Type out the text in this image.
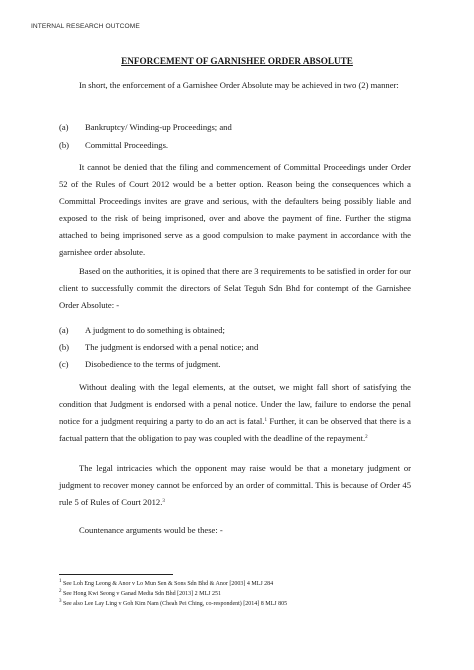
INTERNAL RESEARCH OUTCOME
ENFORCEMENT OF GARNISHEE ORDER ABSOLUTE
In short, the enforcement of a Garnishee Order Absolute may be achieved in two (2) manner:
(a) Bankruptcy/ Winding-up Proceedings; and
(b) Committal Proceedings.
It cannot be denied that the filing and commencement of Committal Proceedings under Order 52 of the Rules of Court 2012 would be a better option. Reason being the consequences which a Committal Proceedings invites are grave and serious, with the defaulters being possibly liable and exposed to the risk of being imprisoned, over and above the payment of fine. Further the stigma attached to being imprisoned serve as a good compulsion to make payment in accordance with the garnishee order absolute.
Based on the authorities, it is opined that there are 3 requirements to be satisfied in order for our client to successfully commit the directors of Selat Teguh Sdn Bhd for contempt of the Garnishee Order Absolute: -
(a) A judgment to do something is obtained;
(b) The judgment is endorsed with a penal notice; and
(c) Disobedience to the terms of judgment.
Without dealing with the legal elements, at the outset, we might fall short of satisfying the condition that Judgment is endorsed with a penal notice. Under the law, failure to endorse the penal notice for a judgment requiring a party to do an act is fatal.$^1$ Further, it can be observed that there is a factual pattern that the obligation to pay was coupled with the deadline of the repayment.$^2$
The legal intricacies which the opponent may raise would be that a monetary judgment or judgment to recover money cannot be enforced by an order of committal. This is because of Order 45 rule 5 of Rules of Court 2012.$^3$
Countenance arguments would be these: -
$^1$ See Loh Eng Leong & Anor v Lo Mun Sen & Sons Sdn Bhd & Anor [2003] 4 MLJ 284
$^2$ See Hong Kwi Seong v Ganad Media Sdn Bhd [2013] 2 MLJ 251
$^3$ See also Lee Lay Ling v Goh Kim Nam (Cheah Pei Ching, co-respondent) [2014] 8 MLJ 805
